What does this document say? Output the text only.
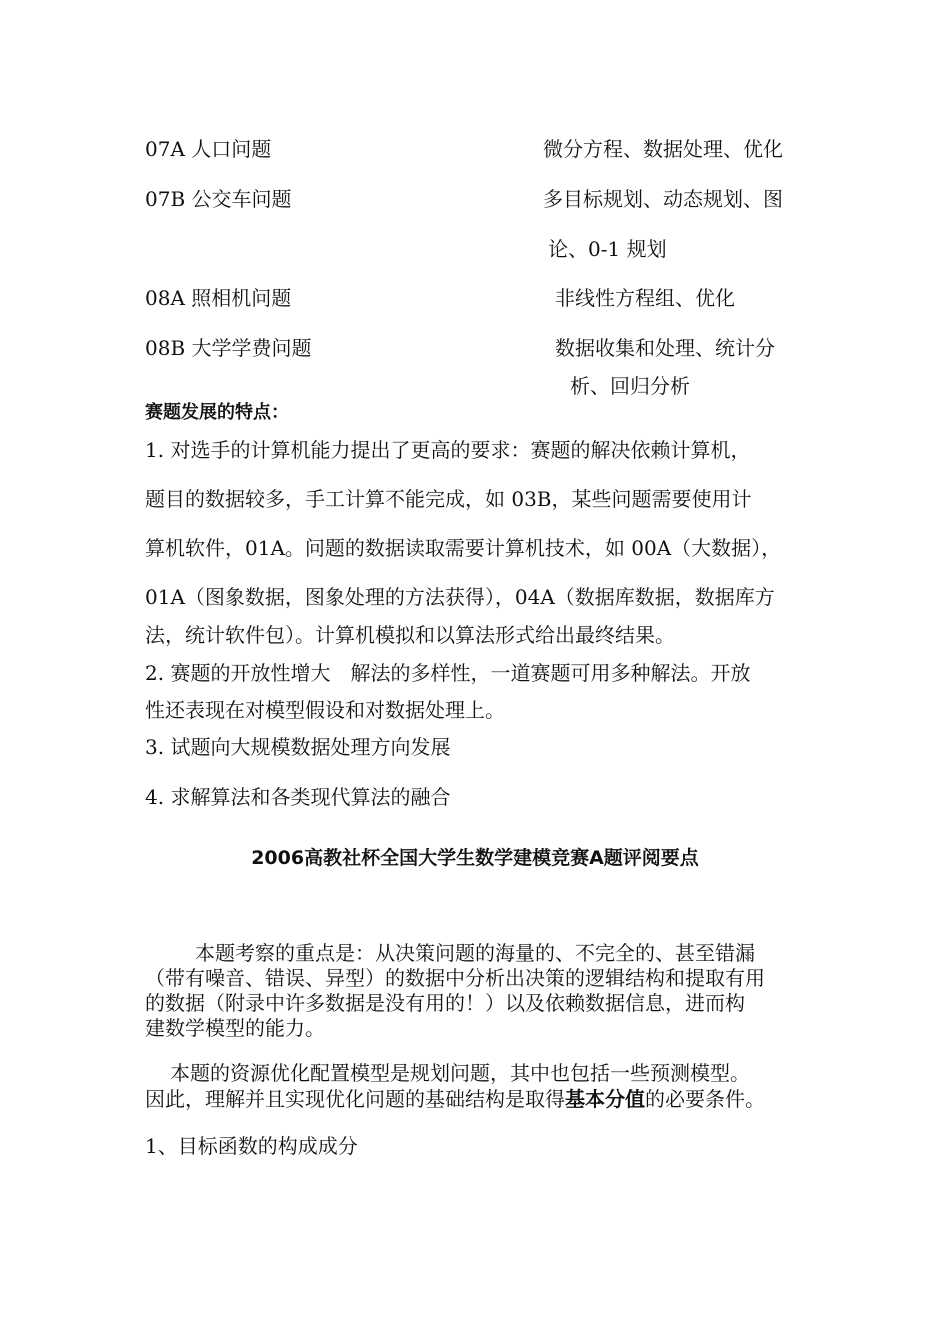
07A 人口问题
07B 公交车问题
08A 照相机问题
08B 大学学费问题
微分方程、数据处理、优化
多目标规划、动态规划、图
论、0-1 规划
非线性方程组、优化
数据收集和处理、统计分
析、回归分析
赛题发展的特点：
1. 对选手的计算机能力提出了更高的要求：赛题的解决依赖计算机，
题目的数据较多，手工计算不能完成，如 03B，某些问题需要使用计
算机软件，01A。问题的数据读取需要计算机技术，如 00A（大数据），
01A（图象数据，图象处理的方法获得），04A（数据库数据，数据库方
法，统计软件包）。计算机模拟和以算法形式给出最终结果。
2. 赛题的开放性增大　解法的多样性，一道赛题可用多种解法。开放
性还表现在对模型假设和对数据处理上。
3. 试题向大规模数据处理方向发展
4. 求解算法和各类现代算法的融合
2006高教社杯全国大学生数学建模竞赛A题评阅要点
本题考察的重点是：从决策问题的海量的、不完全的、甚至错漏
（带有噪音、错误、异型）的数据中分析出决策的逻辑结构和提取有用
的数据（附录中许多数据是没有用的！）以及依赖数据信息，进而构
建数学模型的能力。
本题的资源优化配置模型是规划问题，其中也包括一些预测模型。
因此，理解并且实现优化问题的基础结构是取得基本分值的必要条件。
1、目标函数的构成成分
